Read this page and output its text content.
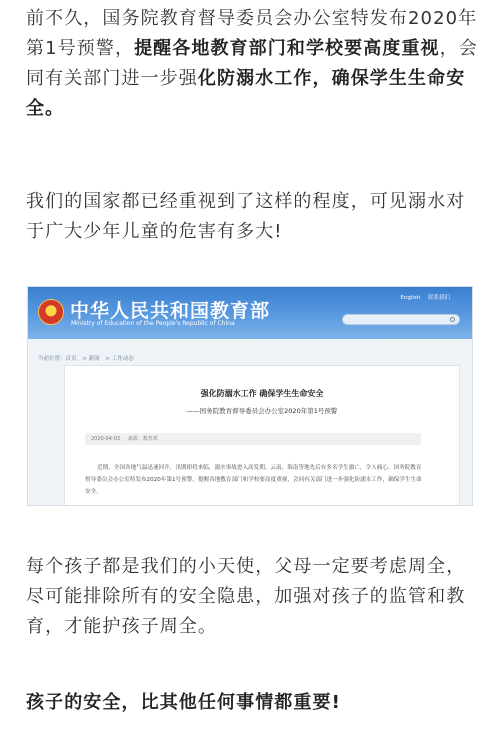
前不久，国务院教育督导委员会办公室特发布2020年第1号预警，提醒各地教育部门和学校要高度重视，会同有关部门进一步强化防溺水工作，确保学生生命安全。

我们的国家都已经重视到了这样的程度，可见溺水对于广大少年儿童的危害有多大!

中华人民共和国教育部
Ministry of Education of the People's Republic of China
English 联系我们
当前位置：首页 > 新闻 > 工作动态
强化防溺水工作 确保学生生命安全
——国务院教育督导委员会办公室2020年第1号预警
2020-04-03 来源：教育部
近期，全国各地气温迅速回升，汛期即将来临，溺水事故进入高发期，云南、海南等地先后有多名学生溺亡，令人痛心。国务院教育督导委员会办公室特发布2020年第1号预警，提醒各地教育部门和学校要高度重视，会同有关部门进一步强化防溺水工作，确保学生生命安全。

每个孩子都是我们的小天使，父母一定要考虑周全，尽可能排除所有的安全隐患，加强对孩子的监管和教育，才能护孩子周全。

孩子的安全，比其他任何事情都重要!
